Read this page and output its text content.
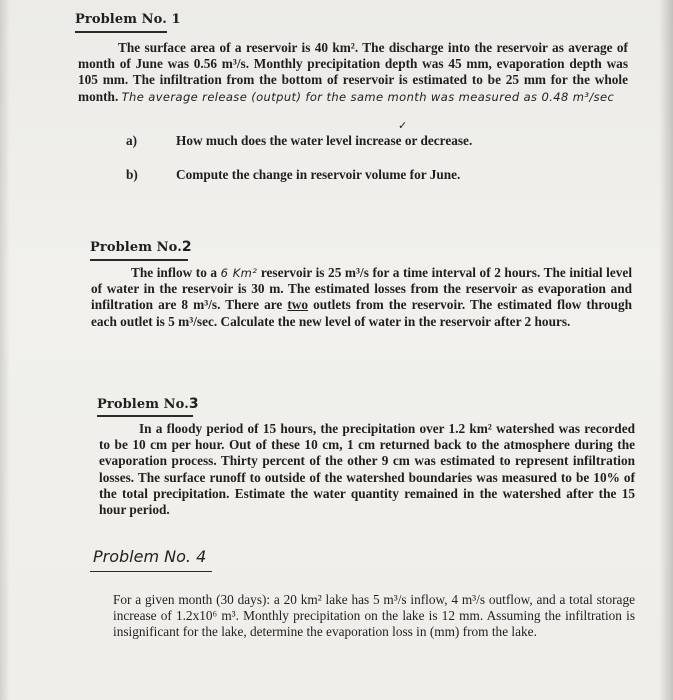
Problem No. 1
The surface area of a reservoir is 40 km². The discharge into the reservoir as average of month of June was 0.56 m³/s. Monthly precipitation depth was 45 mm, evaporation depth was 105 mm. The infiltration from the bottom of reservoir is estimated to be 25 mm for the whole month. The average release (output) for the same month was measured as 0.48 m³/sec
✓
a)	How much does the water level increase or decrease.
b)	Compute the change in reservoir volume for June.
Problem No.2
The inflow to a 6 Km² reservoir is 25 m³/s for a time interval of 2 hours. The initial level of water in the reservoir is 30 m. The estimated losses from the reservoir as evaporation and infiltration are 8 m³/s. There are two outlets from the reservoir. The estimated flow through each outlet is 5 m³/sec. Calculate the new level of water in the reservoir after 2 hours.
Problem No.3
In a floody period of 15 hours, the precipitation over 1.2 km² watershed was recorded to be 10 cm per hour. Out of these 10 cm, 1 cm returned back to the atmosphere during the evaporation process. Thirty percent of the other 9 cm was estimated to represent infiltration losses. The surface runoff to outside of the watershed boundaries was measured to be 10% of the total precipitation. Estimate the water quantity remained in the watershed after the 15 hour period.
Problem No. 4
For a given month (30 days): a 20 km² lake has 5 m³/s inflow, 4 m³/s outflow, and a total storage increase of 1.2x10⁶ m³. Monthly precipitation on the lake is 12 mm. Assuming the infiltration is insignificant for the lake, determine the evaporation loss in (mm) from the lake.
